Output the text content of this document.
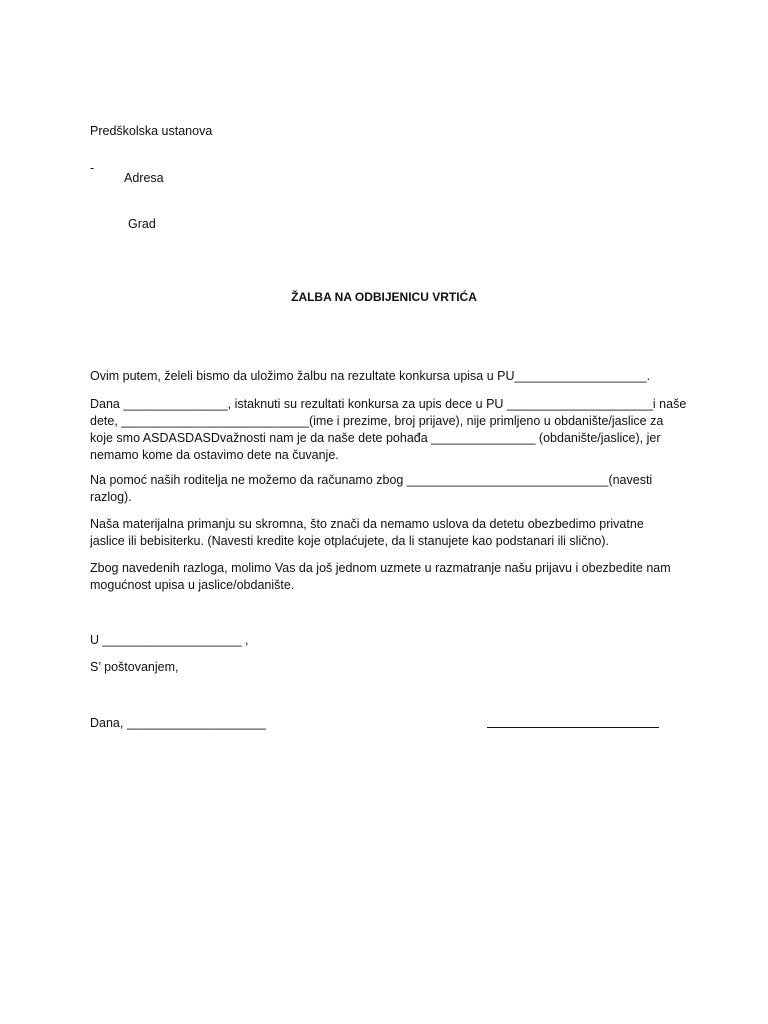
Predškolska ustanova
-
Adresa
Grad
ŽALBA NA ODBIJENICU VRTIĆA
Ovim putem, želeli bismo da uložimo žalbu na rezultate konkursa upisa u PU___________________.
Dana _______________, istaknuti su rezultati konkursa za upis dece u PU _____________________i naše
dete, ___________________________(ime i prezime, broj prijave), nije primljeno u obdanište/jaslice za
koje smo ASDASDASDvažnosti nam je da naše dete pohađa _______________ (obdanište/jaslice), jer
nemamo kome da ostavimo dete na čuvanje.
Na pomoć naših roditelja ne možemo da računamo zbog _____________________________(navesti
razlog).
Naša materijalna primanju su skromna, što znači da nemamo uslova da detetu obezbedimo privatne
jaslice ili bebisiterku. (Navesti kredite koje otplaćujete, da li stanujete kao podstanari ili slično).
Zbog navedenih razloga, molimo Vas da još jednom uzmete u razmatranje našu prijavu i obezbedite nam
mogućnost upisa u jaslice/obdanište.
U ____________________ ,
S’ poštovanjem,
Dana, ____________________
